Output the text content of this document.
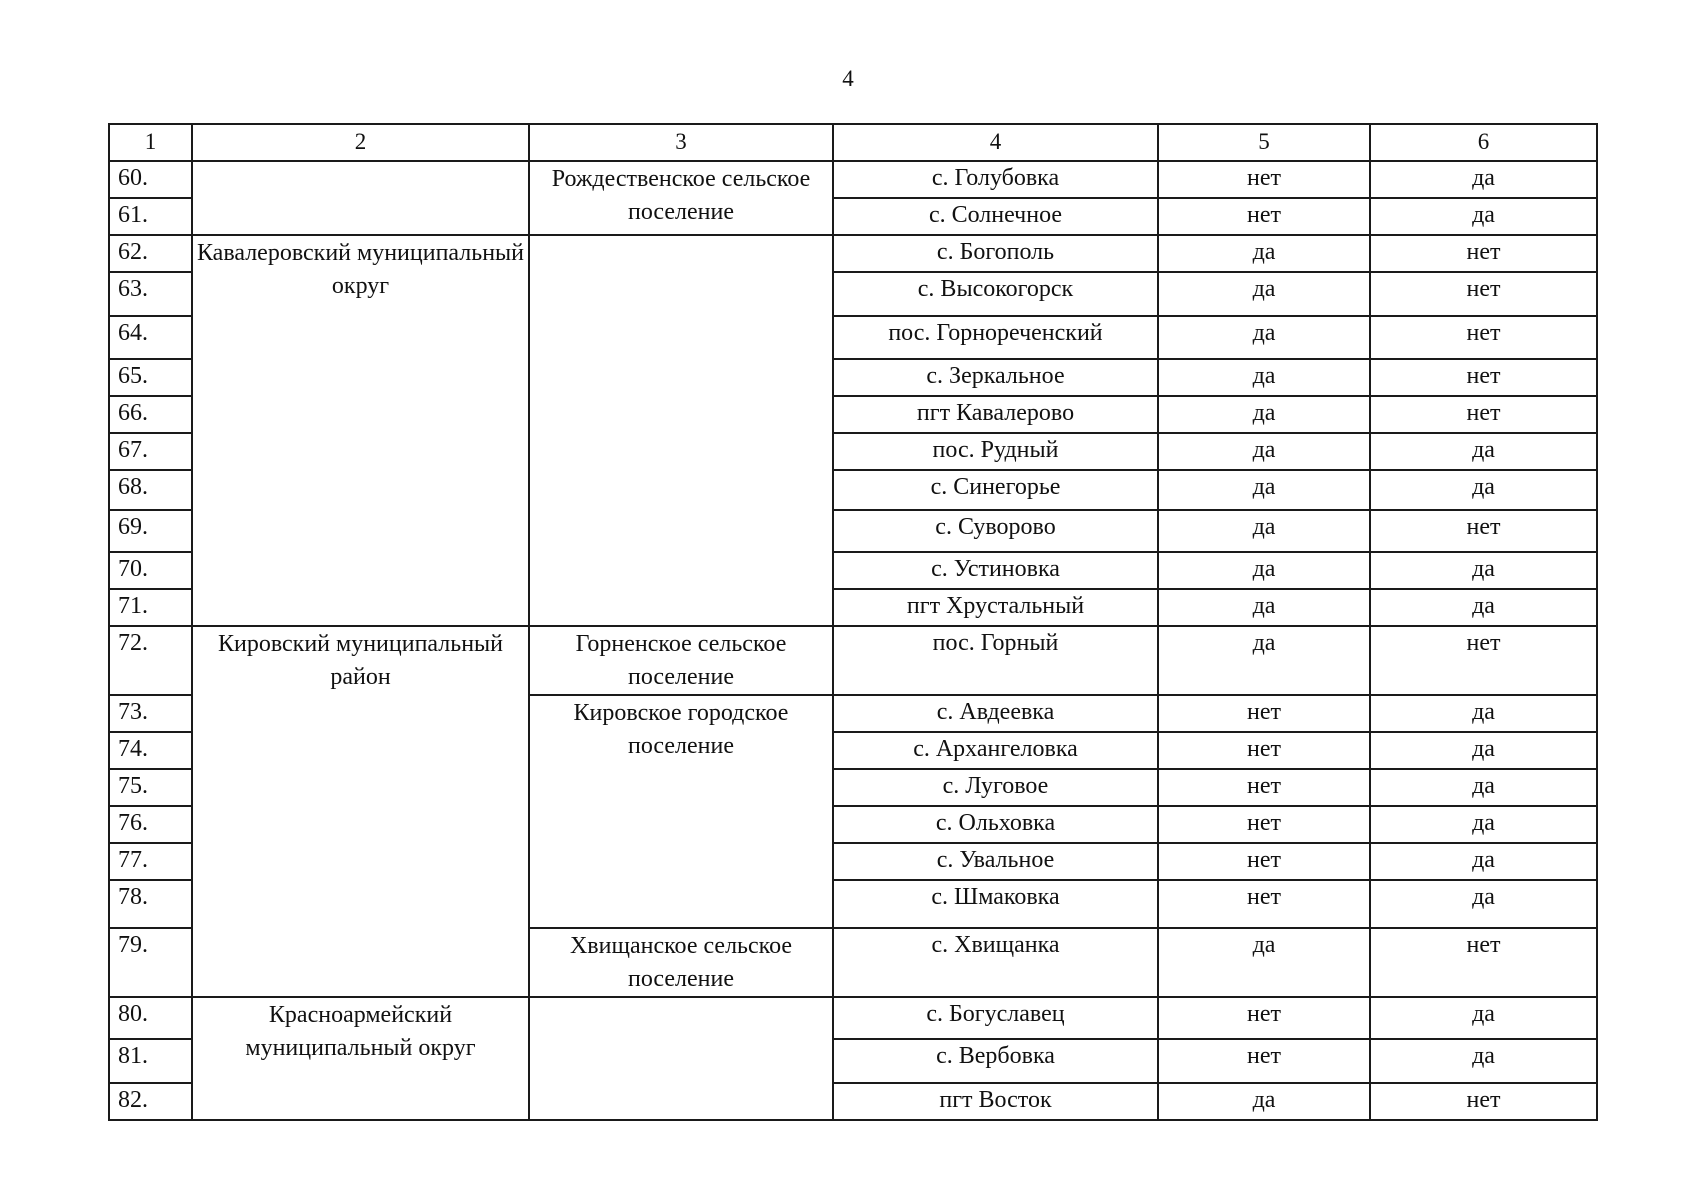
4
1	2	3	4	5	6
60.		Рождественское сельское поселение	с. Голубовка	нет	да
61.			с. Солнечное	нет	да
62.	Кавалеровский муниципальный округ		с. Богополь	да	нет
63.			с. Высокогорск	да	нет
64.			пос. Горнореченский	да	нет
65.			с. Зеркальное	да	нет
66.			пгт Кавалерово	да	нет
67.			пос. Рудный	да	да
68.			с. Синегорье	да	да
69.			с. Суворово	да	нет
70.			с. Устиновка	да	да
71.			пгт Хрустальный	да	да
72.	Кировский муниципальный район	Горненское сельское поселение	пос. Горный	да	нет
73.		Кировское городское поселение	с. Авдеевка	нет	да
74.			с. Архангеловка	нет	да
75.			с. Луговое	нет	да
76.			с. Ольховка	нет	да
77.			с. Увальное	нет	да
78.			с. Шмаковка	нет	да
79.		Хвищанское сельское поселение	с. Хвищанка	да	нет
80.	Красноармейский муниципальный округ		с. Богуславец	нет	да
81.			с. Вербовка	нет	да
82.			пгт Восток	да	нет
